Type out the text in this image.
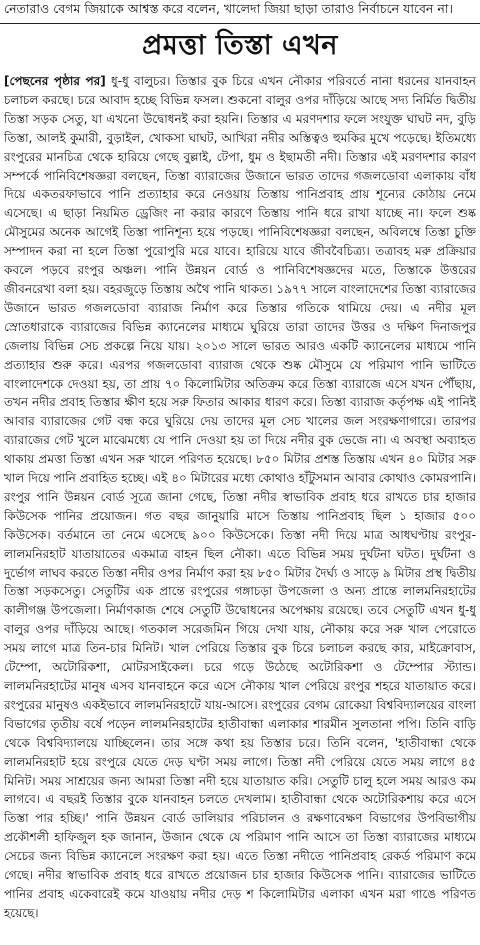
নেতারাও বেগম জিয়াকে আশ্বস্ত করে বলেন, খালেদা জিয়া ছাড়া তারাও নির্বাচনে যাবেন না।
প্রমত্তা তিস্তা এখন
[পেছনের পৃষ্ঠার পর] ধু-ধু বালুচর। তিস্তার বুক চিরে এখন নৌকার পরিবর্তে নানা ধরনের যানবাহন চলাচল করছে। চরে আবাদ হচ্ছে বিভিন্ন ফসল। শুকনো বালুর ওপর দাঁড়িয়ে আছে সদ্য নির্মিত দ্বিতীয় তিস্তা সড়ক সেতু, যা এখনো উদ্বোধনই করা হয়নি। তিস্তার এ মরণদশার ফলে সংযুক্ত ঘাঘট নদ, বুড়ি তিস্তা, আলই কুমারী, বুড়াইল, খোকসা ঘাঘট, আখিরা নদীর অস্তিত্বও হুমকির মুখে পড়েছে। ইতিমধ্যে রংপুরের মানচিত্র থেকে হারিয়ে গেছে বুল্লাই, টেপা, ধুম ও ইছামতী নদী। তিস্তার এই মরণদশার কারণ সম্পর্কে পানিবিশেষজ্ঞরা বলছেন, তিস্তা ব্যারাজের উজানে ভারত তাদের গজলডোবা এলাকায় বাঁধ দিয়ে একতরফাভাবে পানি প্রত্যাহার করে নেওয়ায় তিস্তায় পানিপ্রবাহ প্রায় শূন্যের কোঠায় নেমে এসেছে। এ ছাড়া নিয়মিত ড্রেজিং না করার কারণে তিস্তায় পানি ধরে রাখা যাচ্ছে না। ফলে শুষ্ক মৌসুমের অনেক আগেই তিস্তা পানিশূন্য হয়ে পড়ছে। পানিবিশেষজ্ঞরা বলছেন, অবিলম্বে তিস্তা চুক্তি সম্পাদন করা না হলে তিস্তা পুরোপুরি মরে যাবে। হারিয়ে যাবে জীববৈচিত্র্য। তত্রাবহ মরু প্রক্রিয়ার কবলে পড়বে রংপুর অঞ্চল। পানি উন্নয়ন বোর্ড ও পানিবিশেষজ্ঞদের মতে, তিস্তাকে উত্তরের জীবনরেখা বলা হয়। বহরজুড়ে তিস্তায় অথৈ পানি থাকত। ১৯৭৭ সালে বাংলাদেশের তিস্তা ব্যারাজের উজানে ভারত গজলডোবা ব্যারাজ নির্মাণ করে তিস্তার গতিকে থামিয়ে দেয়। এ নদীর মূল স্রোতধারাকে ব্যারাজের বিভিন্ন ক্যানেলের মাধ্যমে ঘুরিয়ে তারা তাদের উত্তর ও দক্ষিণ দিনাজপুর জেলায় বিভিন্ন সেচ প্রকল্পে নিয়ে যায়। ২০১৩ সালে ভারত আরও একটি ক্যানেলের মাধ্যমে পানি প্রত্যাহার শুরু করে। এরপর গজলডোবা ব্যারাজ থেকে শুষ্ক মৌসুমে যে পরিমাণ পানি ভাটিতে বাংলাদেশকে দেওয়া হয়, তা প্রায় ৭০ কিলোমিটার অতিক্রম করে তিস্তা ব্যারাজে এসে যখন পৌঁছায়, তখন নদীর প্রবাহ তিস্তার ক্ষীণ হয়ে সরু ফিতার আকার ধারণ করে। তিস্তা ব্যারাজ কর্তৃপক্ষ এই পানিই আবার ব্যারাজের গেট বন্ধ করে ঘুরিয়ে দেয় তাদের মূল সেচ খালের জল সংরক্ষণাগারে। তারপর ব্যারাজের গেট খুলে মাঝেমধ্যে যে পানি দেওয়া হয় তা দিয়ে নদীর বুক ভেজে না। এ অবস্থা অব্যাহত থাকায় প্রমত্তা তিস্তা এখন সরু খালে পরিণত হয়েছে। ৮৫০ মিটার প্রশস্ত তিস্তায় এখন ৪০ মিটার সরু খাল দিয়ে পানি প্রবাহিত হচ্ছে। এই ৪০ মিটারের মধ্যে কোথাও হাঁটুসমান আবার কোথাও কোমরপানি। রংপুর পানি উন্নয়ন বোর্ড সূত্রে জানা গেছে, তিস্তা নদীর স্বাভাবিক প্রবাহ ধরে রাখতে চার হাজার কিউসেক পানির প্রয়োজন। গত বছর জানুয়ারি মাসে তিস্তায় পানিপ্রবাহ ছিল ১ হাজার ৫০০ কিউসেক। বর্তমানে তা নেমে এসেছে ৯০০ কিউসেকে। তিস্তা নদী দিয়ে মাত্র আধঘণ্টায় রংপুর-লালমনিরহাট যাতায়াতের একমাত্র বাহন ছিল নৌকা। এতে বিভিন্ন সময় দুর্ঘটনা ঘটত। দুর্ঘটনা ও দুর্ভোগ লাঘব করতে তিস্তা নদীর ওপর নির্মাণ করা হয় ৮৫০ মিটার দৈর্ঘ্য ও সাড়ে ৯ মিটার প্রস্থ দ্বিতীয় তিস্তা সড়কসেতু। সেতুটির এক প্রান্তে রংপুরের গঙ্গাচড়া উপজেলা ও অন্য প্রান্তে লালমনিরহাটের কালীগঞ্জ উপজেলা। নির্মাণকাজ শেষে সেতুটি উদ্বোধনের অপেক্ষায় রয়েছে। তবে সেতুটি এখন ধু-ধু বালুর ওপর দাঁড়িয়ে আছে। গতকাল সরেজমিন গিয়ে দেখা যায়, নৌকায় করে সরু খাল পেরোতে সময় লাগে মাত্র তিন-চার মিনিট। খাল পেরিয়ে তিস্তার বুক চিরে চলাচল করছে কার, মাইক্রোবাস, টেম্পো, অটোরিকশা, মোটরসাইকেল। চরে গড়ে উঠেছে অটোরিকশা ও টেম্পোর স্ট্যান্ড। লালমনিরহাটের মানুষ এসব যানবাহনে করে এসে নৌকায় খাল পেরিয়ে রংপুর শহরে যাতায়াত করে। রংপুরের মানুষও একইভাবে লালমনিরহাটে যায়-আসে। রংপুরের বেগম রোকেয়া বিশ্ববিদ্যালয়ের বাংলা বিভাগের তৃতীয় বর্ষে পড়েন লালমনিরহাটের হাতীবান্ধা এলাকার শারমীন সুলতানা পপি। তিনি বাড়ি থেকে বিশ্ববিদ্যালয়ে যাচ্ছিলেন। তার সঙ্গে কথা হয় তিস্তার চরে। তিনি বলেন, 'হাতীবান্ধা থেকে লালমনিরহাট হয়ে রংপুরে যেতে দেড় ঘণ্টা সময় লাগে। তিস্তা নদী পেরিয়ে যেতে সময় লাগে ৪৫ মিনিট। সময় সাশ্রয়ের জন্য আমরা তিস্তা নদী হয়ে যাতায়াত করি। সেতুটি চালু হলে সময় আরও কম লাগবে। এ বছরই তিস্তার বুকে যানবাহন চলতে দেখলাম। হাতীবান্ধা থেকে অটোরিকশায় করে এসে তিস্তা পার হচ্ছি।' পানি উন্নয়ন বোর্ড ডালিয়ার পরিচালন ও রক্ষণাবেক্ষণ বিভাগের উপবিভাগীয় প্রকৌশলী হাফিজুল হক জানান, উজান থেকে যে পরিমাণ পানি আসে তা তিস্তা ব্যারাজের মাধ্যমে সেচের জন্য বিভিন্ন ক্যানেলে সংরক্ষণ করা হয়। এতে তিস্তা নদীতে পানিপ্রবাহ রেকর্ড পরিমাণ কমে গেছে। নদীর স্বাভাবিক প্রবাহ ধরে রাখতে প্রয়োজন চার হাজার কিউসেক পানি। ব্যারাজের ভাটিতে পানির প্রবাহ একেবারেই কমে যাওয়ায় নদীর দেড় শ কিলোমিটার এলাকা এখন মরা গাঙে পরিণত হয়েছে।
